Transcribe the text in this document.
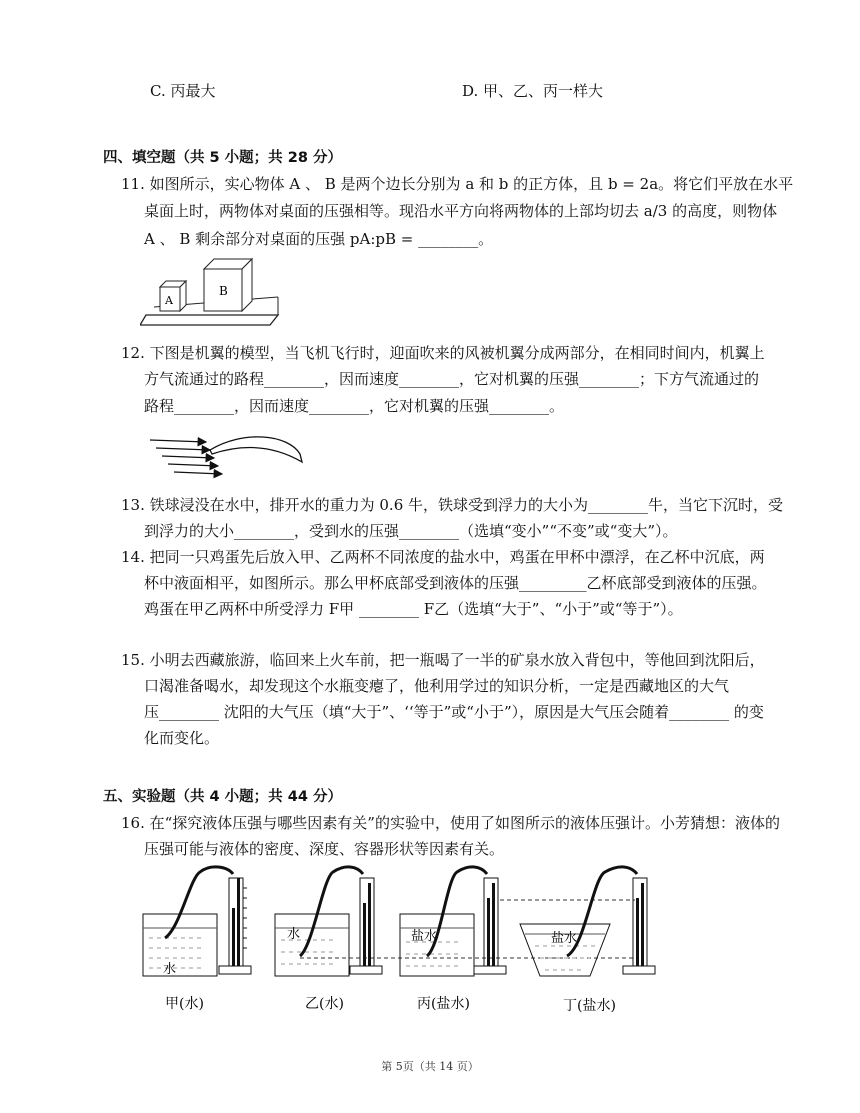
C. 丙最大	D. 甲、乙、丙一样大
四、填空题（共 5 小题；共 28 分）
11. 如图所示，实心物体 A 、 B 是两个边长分别为 a 和 b 的正方体，且 b = 2a。将它们平放在水平
桌面上时，两物体对桌面的压强相等。现沿水平方向将两物体的上部均切去 a/3 的高度，则物体
A 、 B 剩余部分对桌面的压强 pA:pB = ________。
A
B
12. 下图是机翼的模型，当飞机飞行时，迎面吹来的风被机翼分成两部分，在相同时间内，机翼上
方气流通过的路程________，因而速度________，它对机翼的压强________；下方气流通过的
路程________，因而速度________，它对机翼的压强________。
13. 铁球浸没在水中，排开水的重力为 0.6 牛，铁球受到浮力的大小为________牛，当它下沉时，受
到浮力的大小________，受到水的压强________（选填“变小”“不变”或“变大”）。
14. 把同一只鸡蛋先后放入甲、乙两杯不同浓度的盐水中，鸡蛋在甲杯中漂浮，在乙杯中沉底，两
杯中液面相平，如图所示。那么甲杯底部受到液体的压强_________乙杯底部受到液体的压强。
鸡蛋在甲乙两杯中所受浮力 F甲 ________ F乙（选填“大于”、“小于”或“等于”）。
15. 小明去西藏旅游，临回来上火车前，把一瓶喝了一半的矿泉水放入背包中，等他回到沈阳后，
口渴准备喝水，却发现这个水瓶变瘪了，他利用学过的知识分析，一定是西藏地区的大气
压________ 沈阳的大气压（填“大于”、‘‘等于”或“小于”），原因是大气压会随着________ 的变
化而变化。
五、实验题（共 4 小题；共 44 分）
16. 在“探究液体压强与哪些因素有关”的实验中，使用了如图所示的液体压强计。小芳猜想：液体的
压强可能与液体的密度、深度、容器形状等因素有关。
水
甲(水)
水
乙(水)
盐水
丙(盐水)
盐水
丁(盐水)
第 5页（共 14 页）
